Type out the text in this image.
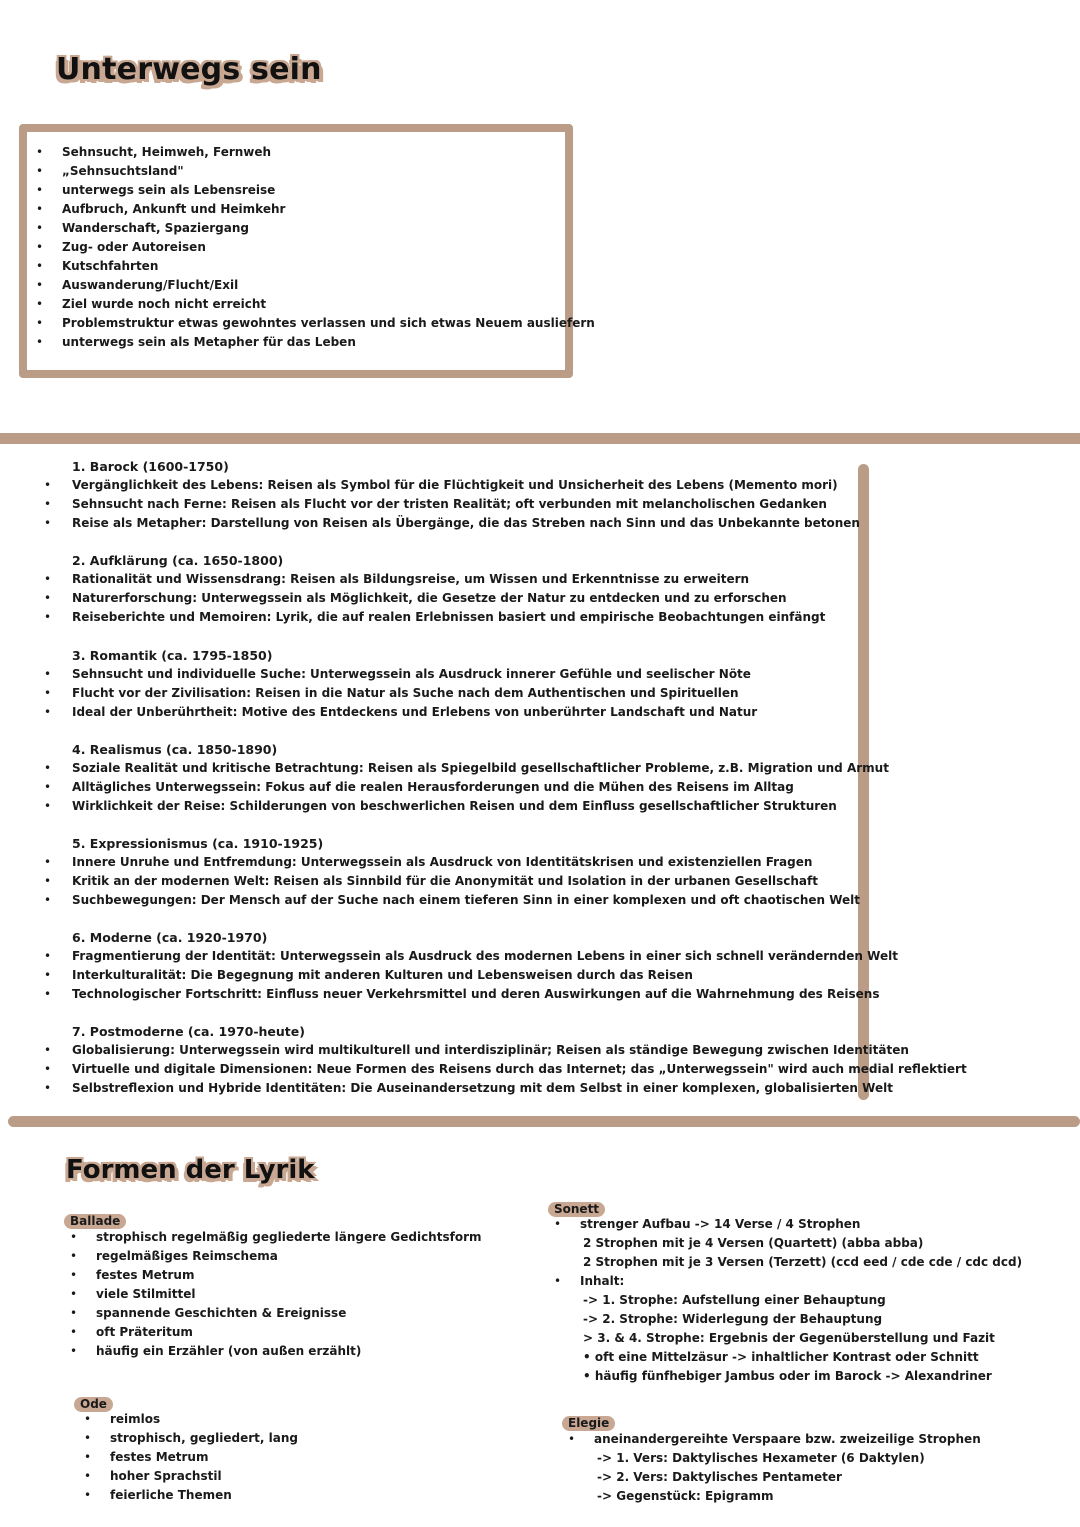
Unterwegs sein
• Sehnsucht, Heimweh, Fernweh
• „Sehnsuchtsland"
• unterwegs sein als Lebensreise
• Aufbruch, Ankunft und Heimkehr
• Wanderschaft, Spaziergang
• Zug- oder Autoreisen
• Kutschfahrten
• Auswanderung/Flucht/Exil
• Ziel wurde noch nicht erreicht
• Problemstruktur etwas gewohntes verlassen und sich etwas Neuem ausliefern
• unterwegs sein als Metapher für das Leben
1. Barock (1600-1750)
• Vergänglichkeit des Lebens: Reisen als Symbol für die Flüchtigkeit und Unsicherheit des Lebens (Memento mori)
• Sehnsucht nach Ferne: Reisen als Flucht vor der tristen Realität; oft verbunden mit melancholischen Gedanken
• Reise als Metapher: Darstellung von Reisen als Übergänge, die das Streben nach Sinn und das Unbekannte betonen
2. Aufklärung (ca. 1650-1800)
• Rationalität und Wissensdrang: Reisen als Bildungsreise, um Wissen und Erkenntnisse zu erweitern
• Naturerforschung: Unterwegssein als Möglichkeit, die Gesetze der Natur zu entdecken und zu erforschen
• Reiseberichte und Memoiren: Lyrik, die auf realen Erlebnissen basiert und empirische Beobachtungen einfängt
3. Romantik (ca. 1795-1850)
• Sehnsucht und individuelle Suche: Unterwegssein als Ausdruck innerer Gefühle und seelischer Nöte
• Flucht vor der Zivilisation: Reisen in die Natur als Suche nach dem Authentischen und Spirituellen
• Ideal der Unberührtheit: Motive des Entdeckens und Erlebens von unberührter Landschaft und Natur
4. Realismus (ca. 1850-1890)
• Soziale Realität und kritische Betrachtung: Reisen als Spiegelbild gesellschaftlicher Probleme, z.B. Migration und Armut
• Alltägliches Unterwegssein: Fokus auf die realen Herausforderungen und die Mühen des Reisens im Alltag
• Wirklichkeit der Reise: Schilderungen von beschwerlichen Reisen und dem Einfluss gesellschaftlicher Strukturen
5. Expressionismus (ca. 1910-1925)
• Innere Unruhe und Entfremdung: Unterwegssein als Ausdruck von Identitätskrisen und existenziellen Fragen
• Kritik an der modernen Welt: Reisen als Sinnbild für die Anonymität und Isolation in der urbanen Gesellschaft
• Suchbewegungen: Der Mensch auf der Suche nach einem tieferen Sinn in einer komplexen und oft chaotischen Welt
6. Moderne (ca. 1920-1970)
• Fragmentierung der Identität: Unterwegssein als Ausdruck des modernen Lebens in einer sich schnell verändernden Welt
• Interkulturalität: Die Begegnung mit anderen Kulturen und Lebensweisen durch das Reisen
• Technologischer Fortschritt: Einfluss neuer Verkehrsmittel und deren Auswirkungen auf die Wahrnehmung des Reisens
7. Postmoderne (ca. 1970-heute)
• Globalisierung: Unterwegssein wird multikulturell und interdisziplinär; Reisen als ständige Bewegung zwischen Identitäten
• Virtuelle und digitale Dimensionen: Neue Formen des Reisens durch das Internet; das „Unterwegssein" wird auch medial reflektiert
• Selbstreflexion und Hybride Identitäten: Die Auseinandersetzung mit dem Selbst in einer komplexen, globalisierten Welt
Formen der Lyrik
Ballade
• strophisch regelmäßig gegliederte längere Gedichtsform
• regelmäßiges Reimschema
• festes Metrum
• viele Stilmittel
• spannende Geschichten & Ereignisse
• oft Präteritum
• häufig ein Erzähler (von außen erzählt)
Ode
• reimlos
• strophisch, gegliedert, lang
• festes Metrum
• hoher Sprachstil
• feierliche Themen
Sonett
• strenger Aufbau -> 14 Verse / 4 Strophen
2 Strophen mit je 4 Versen (Quartett) (abba abba)
2 Strophen mit je 3 Versen (Terzett) (ccd eed / cde cde / cdc dcd)
• Inhalt:
-> 1. Strophe: Aufstellung einer Behauptung
-> 2. Strophe: Widerlegung der Behauptung
> 3. & 4. Strophe: Ergebnis der Gegenüberstellung und Fazit
• oft eine Mittelzäsur -> inhaltlicher Kontrast oder Schnitt
• häufig fünfhebiger Jambus oder im Barock -> Alexandriner
Elegie
• aneinandergereihte Verspaare bzw. zweizeilige Strophen
-> 1. Vers: Daktylisches Hexameter (6 Daktylen)
-> 2. Vers: Daktylisches Pentameter
-> Gegenstück: Epigramm
